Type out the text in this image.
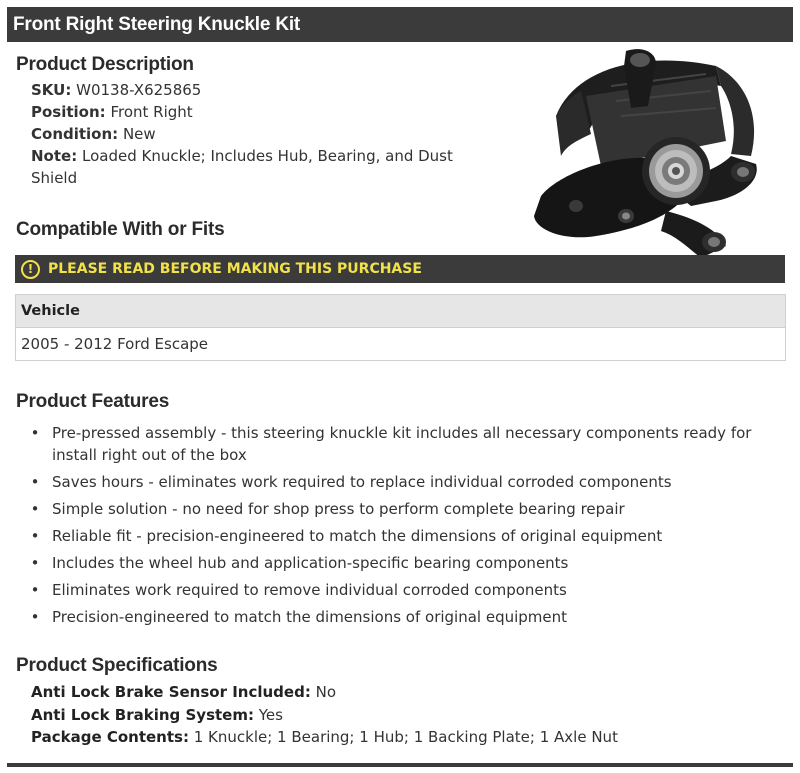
Front Right Steering Knuckle Kit
Product Description
SKU: W0138-X625865
Position: Front Right
Condition: New
Note: Loaded Knuckle; Includes Hub, Bearing, and Dust Shield
Compatible With or Fits
!	PLEASE READ BEFORE MAKING THIS PURCHASE
Vehicle
2005 - 2012 Ford Escape
Product Features
• Pre-pressed assembly - this steering knuckle kit includes all necessary components ready for install right out of the box
• Saves hours - eliminates work required to replace individual corroded components
• Simple solution - no need for shop press to perform complete bearing repair
• Reliable fit - precision-engineered to match the dimensions of original equipment
• Includes the wheel hub and application-specific bearing components
• Eliminates work required to remove individual corroded components
• Precision-engineered to match the dimensions of original equipment
Product Specifications
Anti Lock Brake Sensor Included: No
Anti Lock Braking System: Yes
Package Contents: 1 Knuckle; 1 Bearing; 1 Hub; 1 Backing Plate; 1 Axle Nut
